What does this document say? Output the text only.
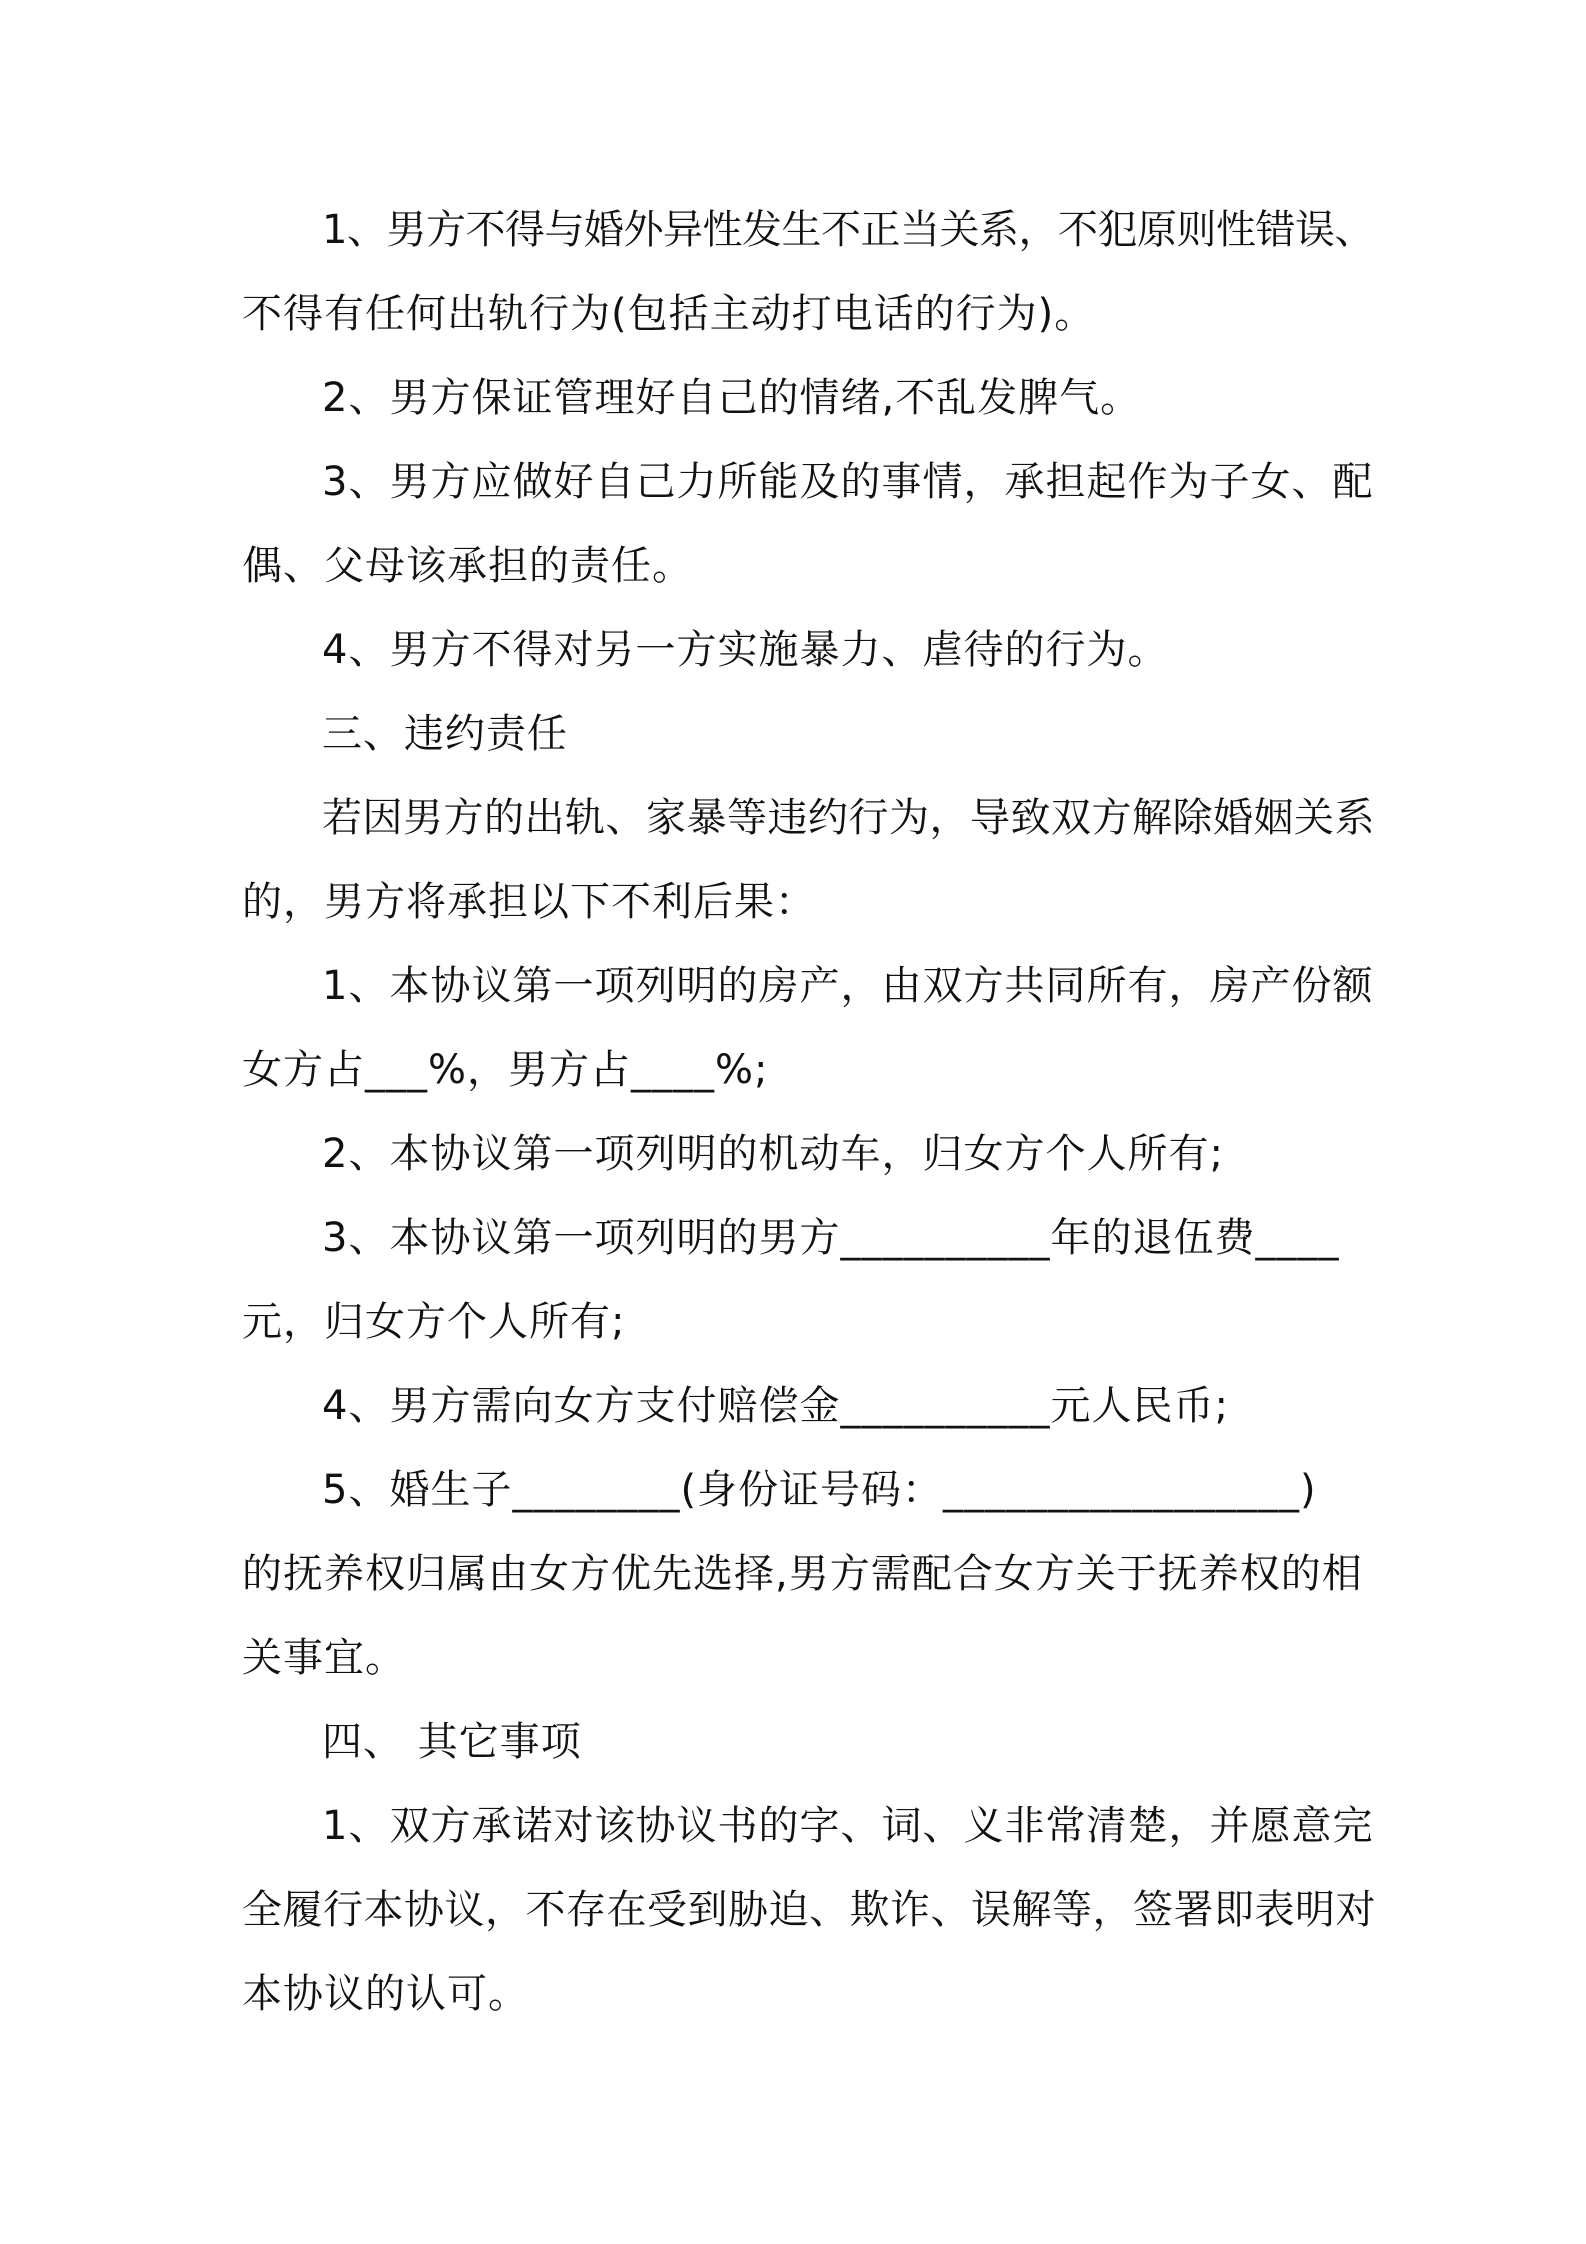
1、男方不得与婚外异性发生不正当关系，不犯原则性错误、
不得有任何出轨行为(包括主动打电话的行为)。
2、男方保证管理好自己的情绪,不乱发脾气。
3、男方应做好自己力所能及的事情，承担起作为子女、配
偶、父母该承担的责任。
4、男方不得对另一方实施暴力、虐待的行为。
三、违约责任
若因男方的出轨、家暴等违约行为，导致双方解除婚姻关系
的，男方将承担以下不利后果：
1、本协议第一项列明的房产，由双方共同所有，房产份额
女方占___%，男方占____%;
2、本协议第一项列明的机动车，归女方个人所有;
3、本协议第一项列明的男方__________年的退伍费____
元，归女方个人所有;
4、男方需向女方支付赔偿金__________元人民币;
5、婚生子________(身份证号码：_________________)
的抚养权归属由女方优先选择,男方需配合女方关于抚养权的相
关事宜。
四、 其它事项
1、双方承诺对该协议书的字、词、义非常清楚，并愿意完
全履行本协议，不存在受到胁迫、欺诈、误解等，签署即表明对
本协议的认可。
